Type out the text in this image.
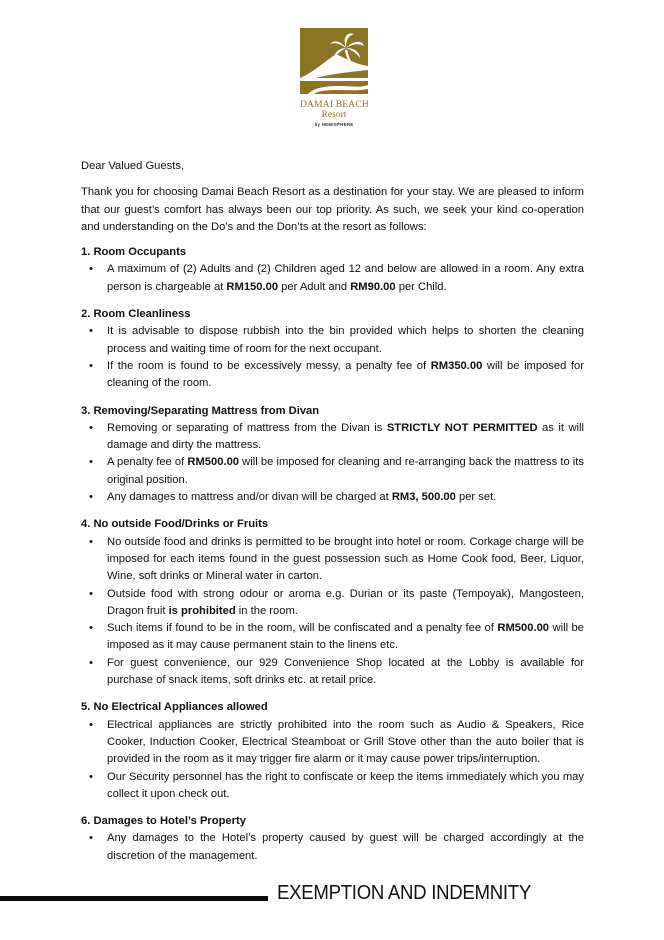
DAMAI BEACH
Resort
by HEMISPHERE

Dear Valued Guests,

Thank you for choosing Damai Beach Resort as a destination for your stay. We are pleased to inform that our guest’s comfort has always been our top priority. As such, we seek your kind co-operation and understanding on the Do’s and the Don’ts at the resort as follows:

1. Room Occupants

• A maximum of (2) Adults and (2) Children aged 12 and below are allowed in a room. Any extra person is chargeable at RM150.00 per Adult and RM90.00 per Child.

2. Room Cleanliness

• It is advisable to dispose rubbish into the bin provided which helps to shorten the cleaning process and waiting time of room for the next occupant.
• If the room is found to be excessively messy, a penalty fee of RM350.00 will be imposed for cleaning of the room.

3. Removing/Separating Mattress from Divan

• Removing or separating of mattress from the Divan is STRICTLY NOT PERMITTED as it will damage and dirty the mattress.
• A penalty fee of RM500.00 will be imposed for cleaning and re-arranging back the mattress to its original position.
• Any damages to mattress and/or divan will be charged at RM3, 500.00 per set.

4. No outside Food/Drinks or Fruits

• No outside food and drinks is permitted to be brought into hotel or room. Corkage charge will be imposed for each items found in the guest possession such as Home Cook food, Beer, Liquor, Wine, soft drinks or Mineral water in carton.
• Outside food with strong odour or aroma e.g. Durian or its paste (Tempoyak), Mangosteen, Dragon fruit is prohibited in the room.
• Such items if found to be in the room, will be confiscated and a penalty fee of RM500.00 will be imposed as it may cause permanent stain to the linens etc.
• For guest convenience, our 929 Convenience Shop located at the Lobby is available for purchase of snack items, soft drinks etc. at retail price.

5. No Electrical Appliances allowed

• Electrical appliances are strictly prohibited into the room such as Audio & Speakers, Rice Cooker, Induction Cooker, Electrical Steamboat or Grill Stove other than the auto boiler that is provided in the room as it may trigger fire alarm or it may cause power trips/interruption.
• Our Security personnel has the right to confiscate or keep the items immediately which you may collect it upon check out.

6. Damages to Hotel’s Property

• Any damages to the Hotel’s property caused by guest will be charged accordingly at the discretion of the management.
EXEMPTION AND INDEMNITY
